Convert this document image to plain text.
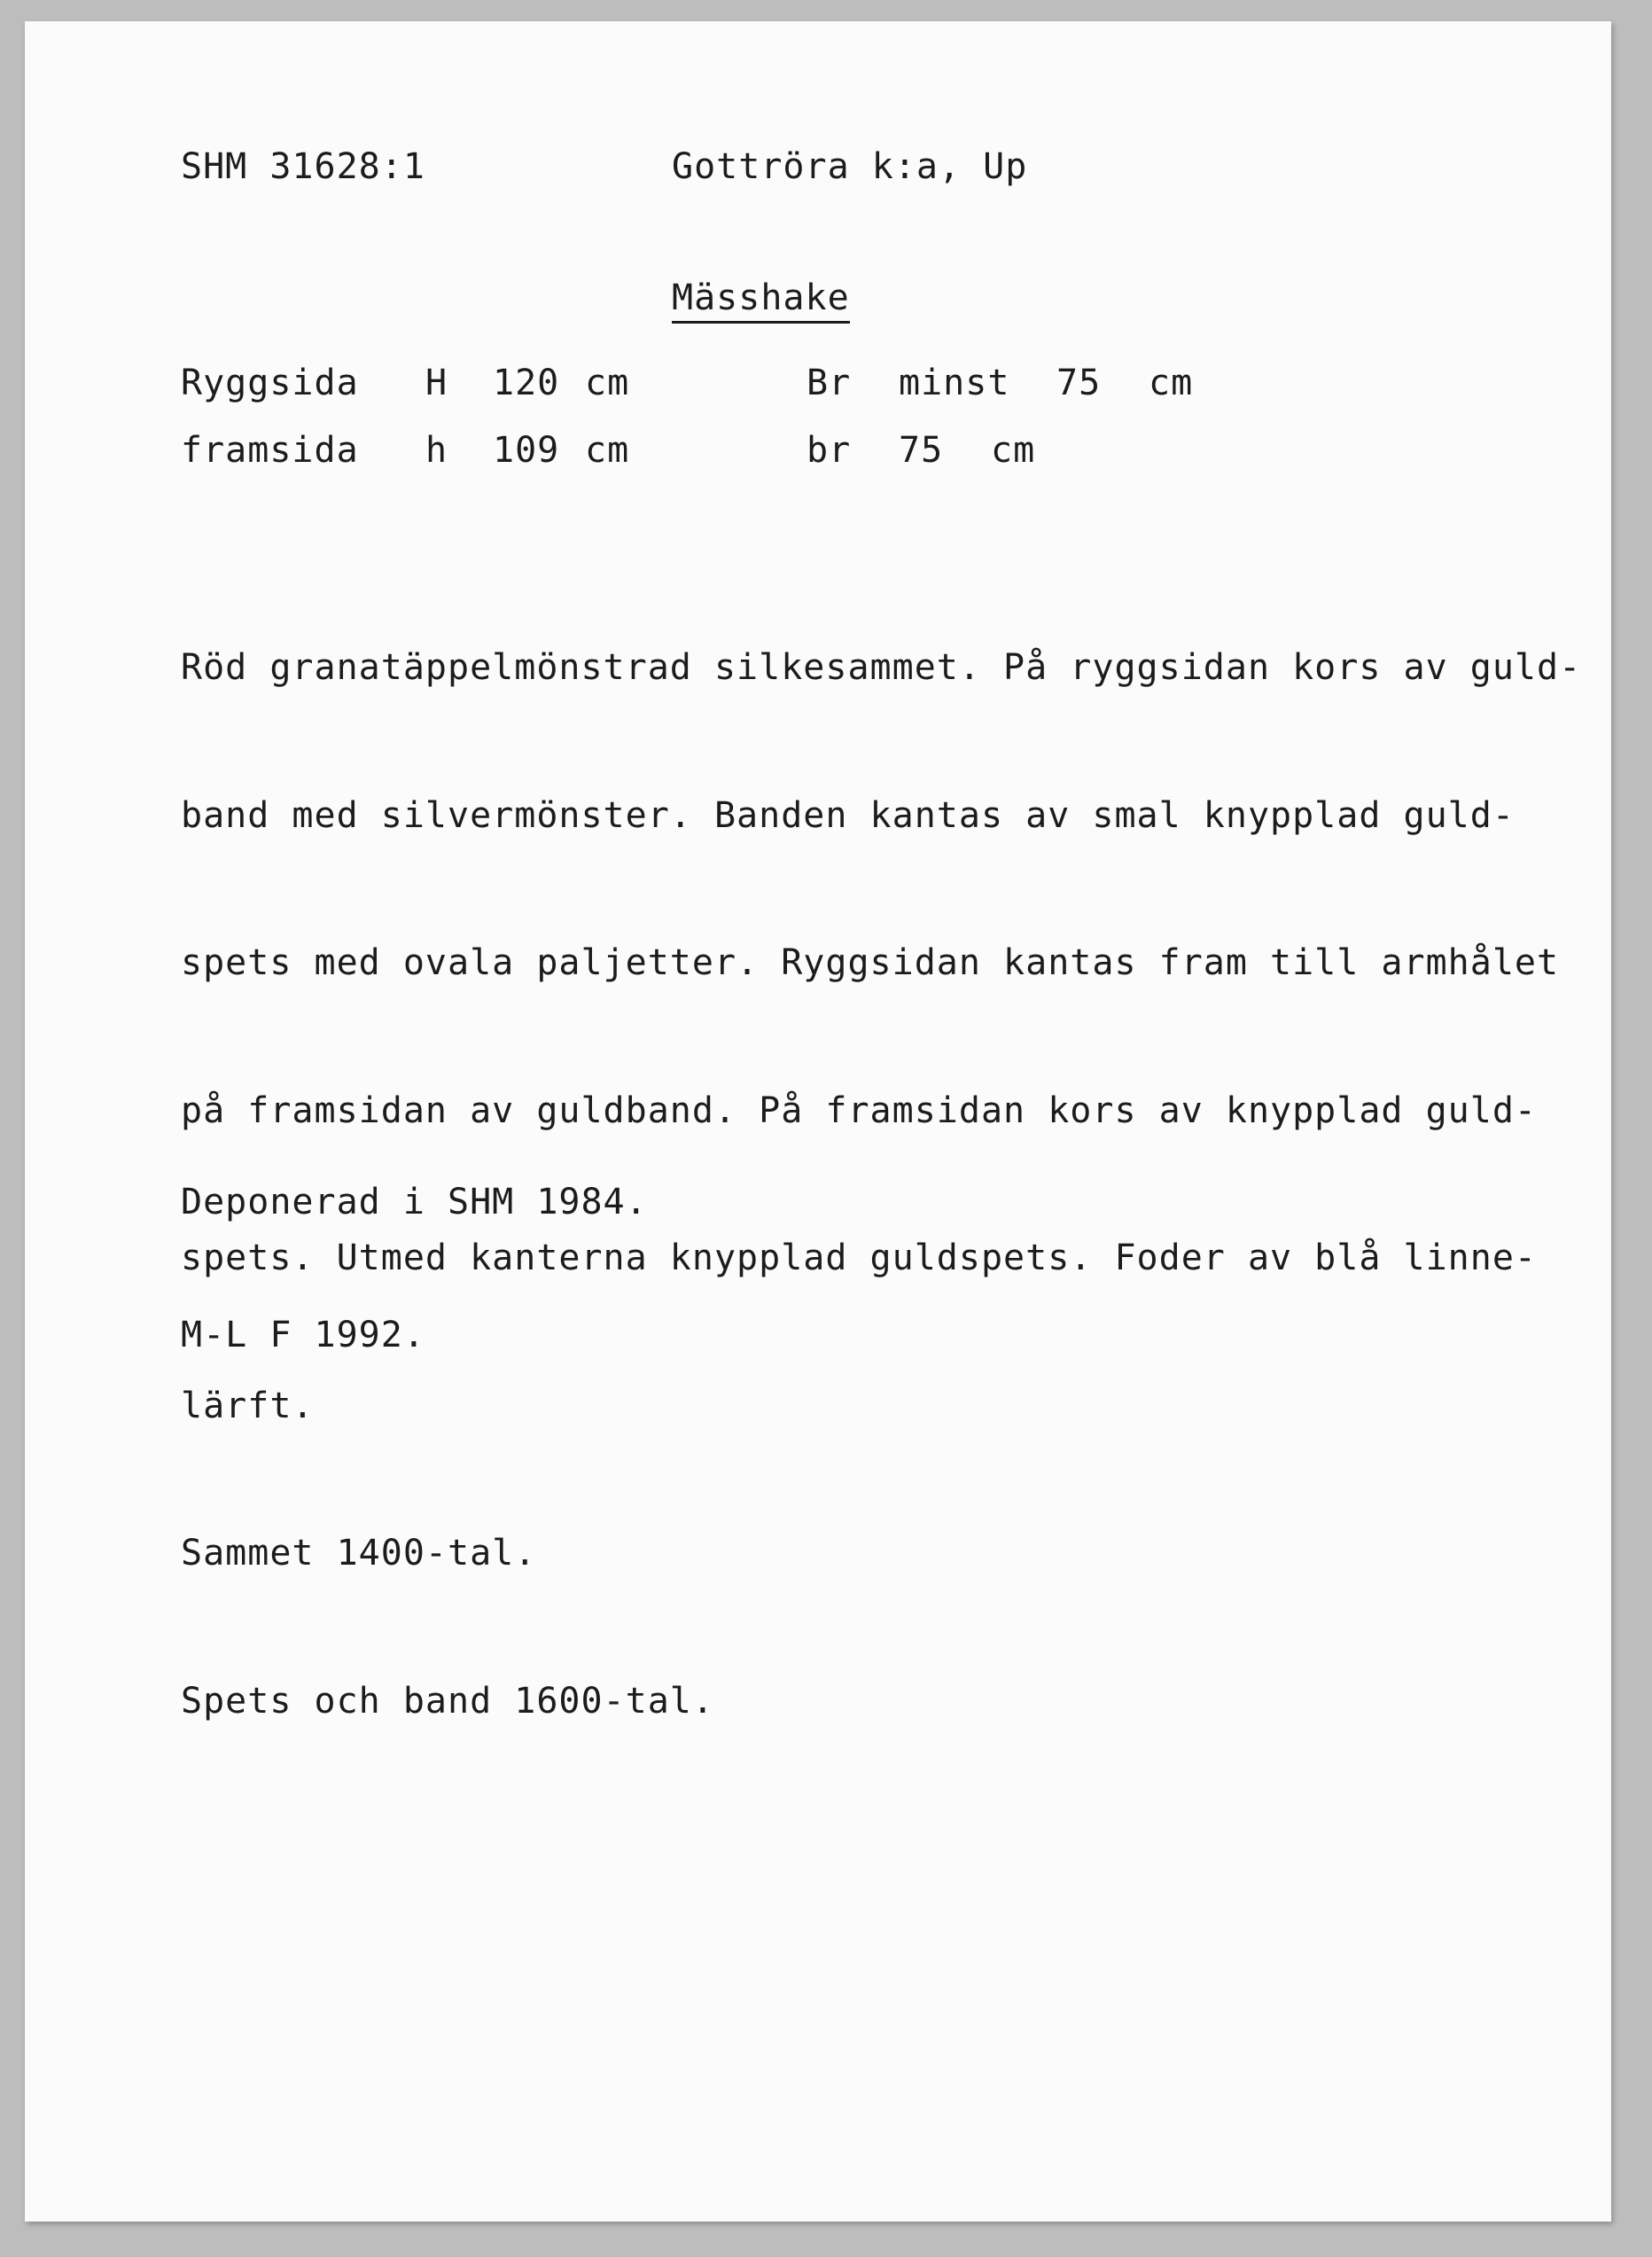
SHM 31628:1	Gottröra k:a, Up
Mässhake
Ryggsida H 120 cm	Br minst 75 cm
framsida h 109 cm	br 75 cm

Röd granatäppelmönstrad silkesammet. På ryggsidan kors av guld-

band med silvermönster. Banden kantas av smal knypplad guld-

spets med ovala paljetter. Ryggsidan kantas fram till armhålet

på framsidan av guldband. På framsidan kors av knypplad guld-

spets. Utmed kanterna knypplad guldspets. Foder av blå linne-

lärft.

Sammet 1400-tal.

Spets och band 1600-tal.

Deponerad i SHM 1984.
M-L F 1992.
